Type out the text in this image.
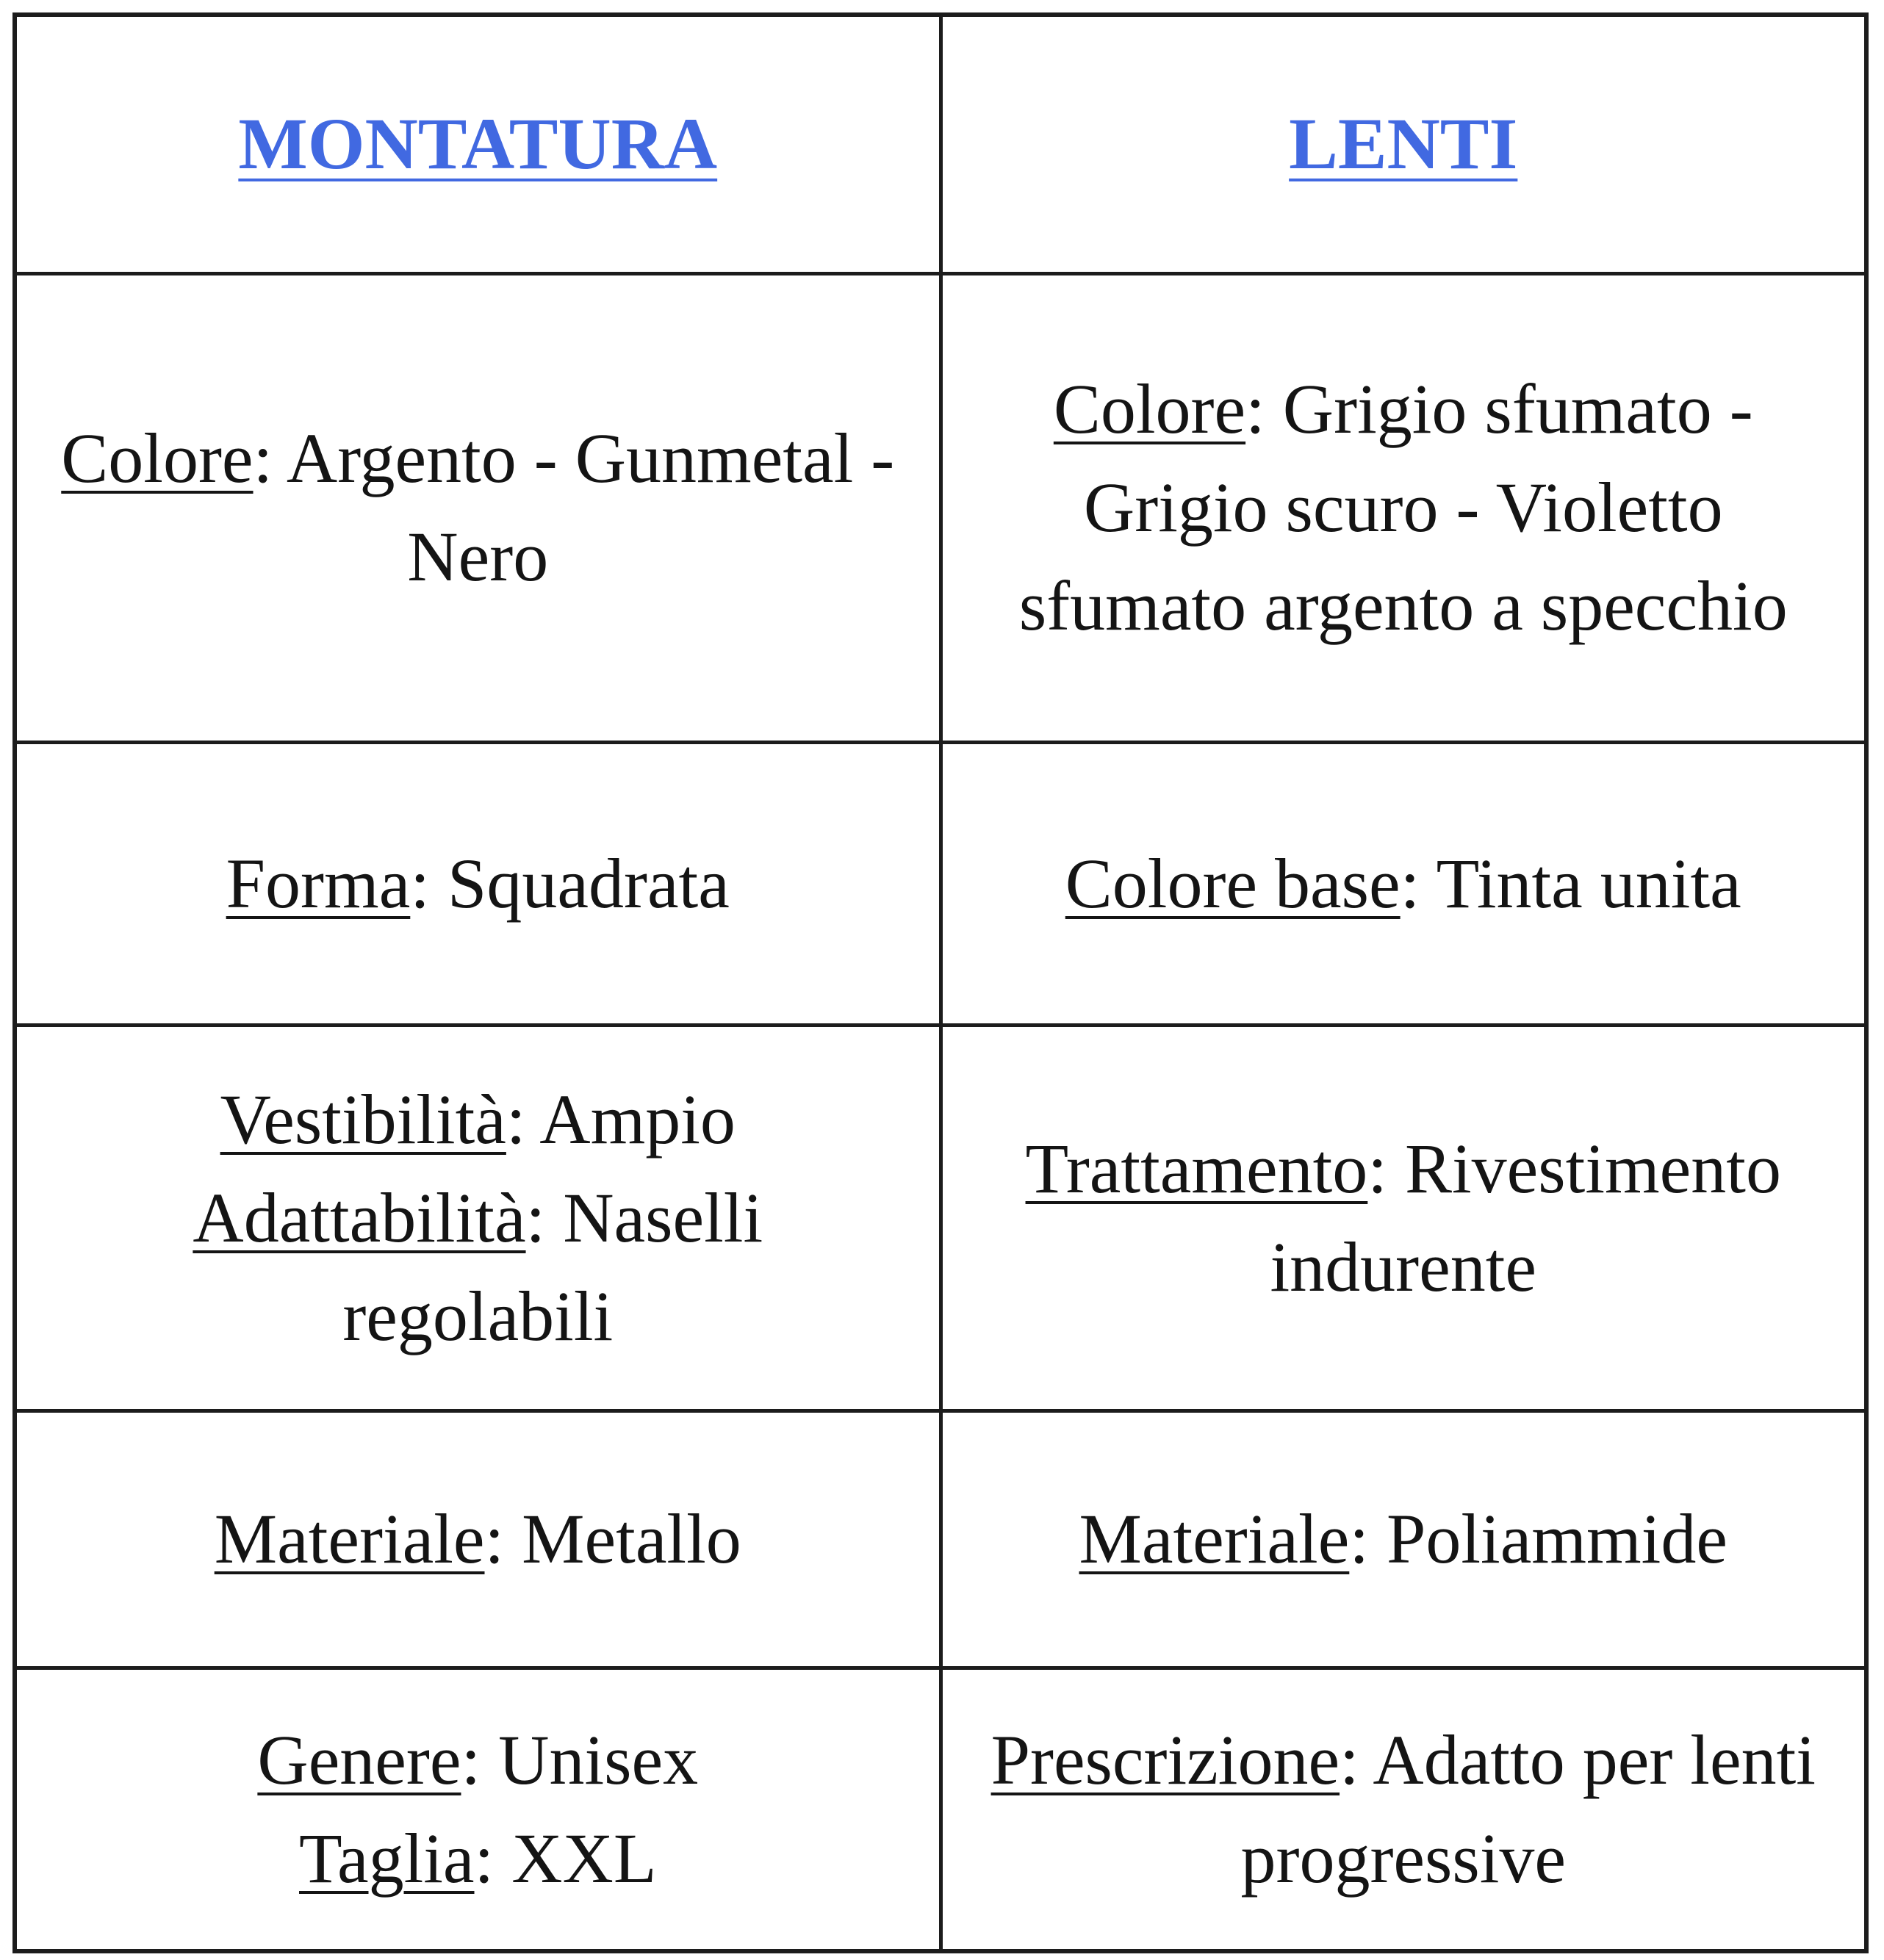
MONTATURA	LENTI
Colore: Argento - Gunmetal - Nero	Colore: Grigio sfumato - Grigio scuro - Violetto sfumato argento a specchio
Forma: Squadrata	Colore base: Tinta unita

Vestibilità: Ampio
Adattabilità: Naselli regolabili	Trattamento: Rivestimento indurente
Materiale: Metallo	Materiale: Poliammide

Genere: Unisex
Taglia: XXL	Prescrizione: Adatto per lenti progressive
